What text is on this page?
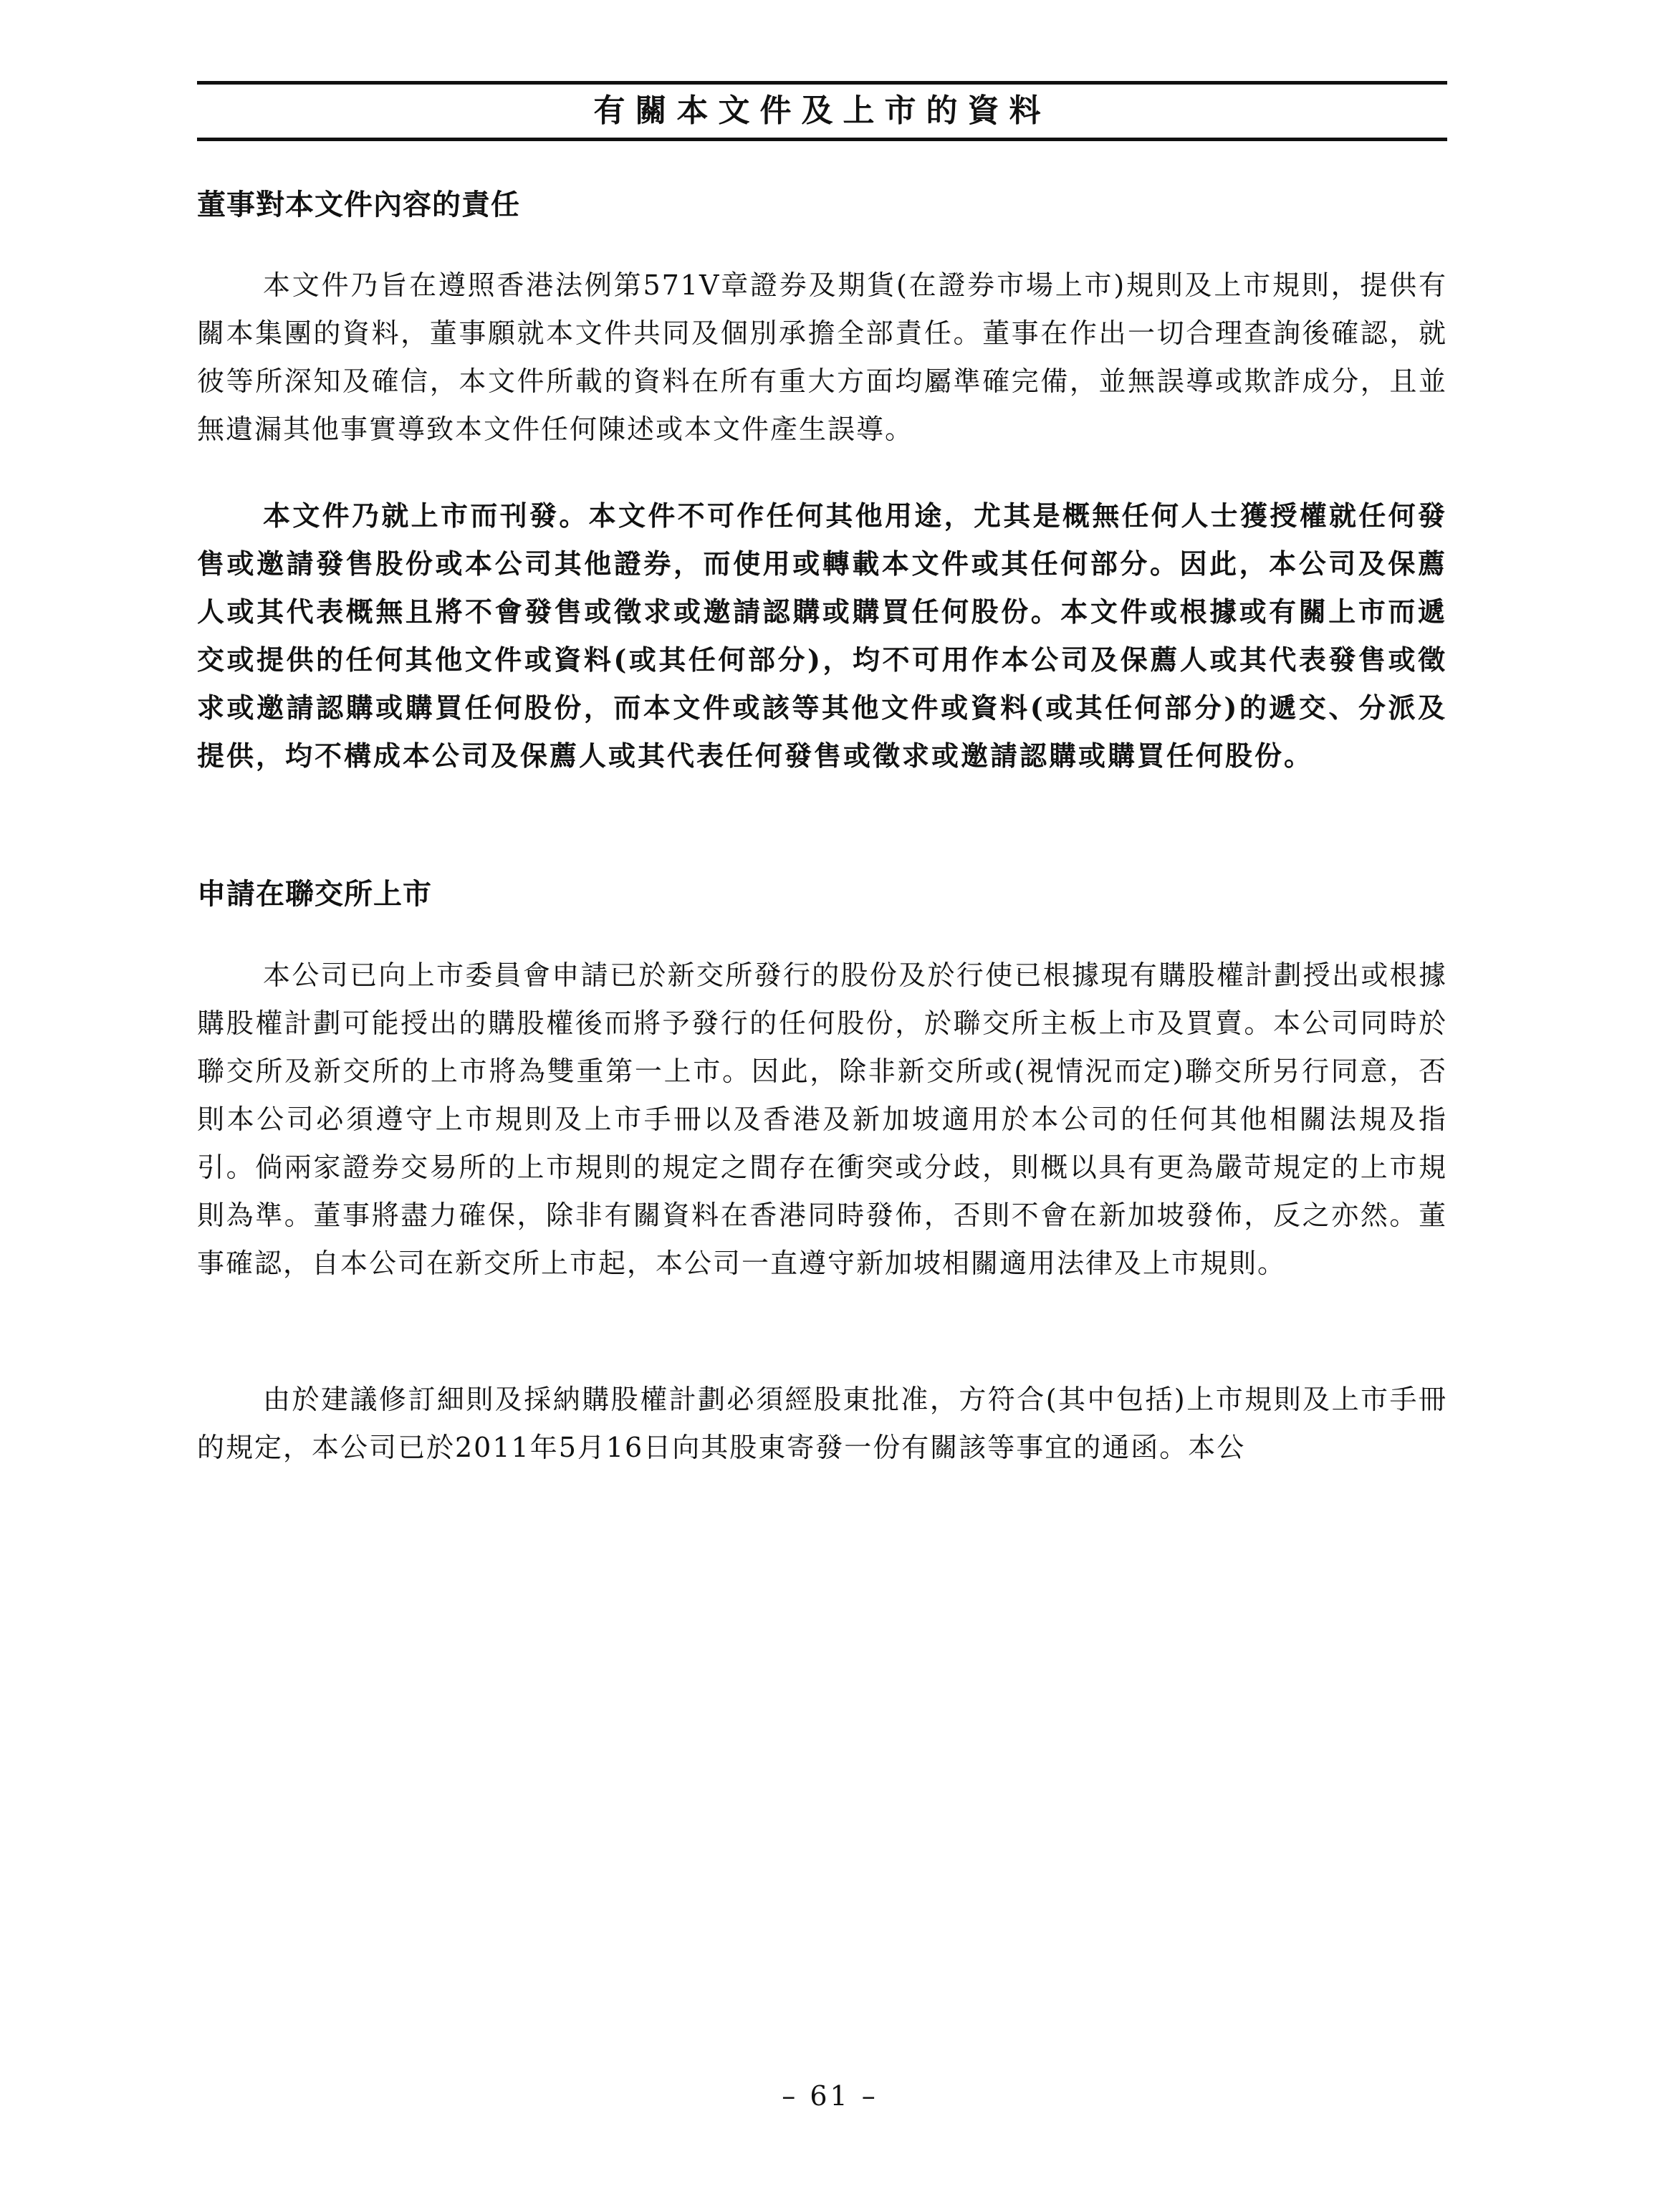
有關本文件及上市的資料
董事對本文件內容的責任
本文件乃旨在遵照香港法例第571V章證券及期貨(在證券市場上市)規則及上市規則，提供有關本集團的資料，董事願就本文件共同及個別承擔全部責任。董事在作出一切合理查詢後確認，就彼等所深知及確信，本文件所載的資料在所有重大方面均屬準確完備，並無誤導或欺詐成分，且並無遺漏其他事實導致本文件任何陳述或本文件產生誤導。
本文件乃就上市而刊發。本文件不可作任何其他用途，尤其是概無任何人士獲授權就任何發售或邀請發售股份或本公司其他證券，而使用或轉載本文件或其任何部分。因此，本公司及保薦人或其代表概無且將不會發售或徵求或邀請認購或購買任何股份。本文件或根據或有關上市而遞交或提供的任何其他文件或資料(或其任何部分)，均不可用作本公司及保薦人或其代表發售或徵求或邀請認購或購買任何股份，而本文件或該等其他文件或資料(或其任何部分)的遞交、分派及提供，均不構成本公司及保薦人或其代表任何發售或徵求或邀請認購或購買任何股份。
申請在聯交所上市
本公司已向上市委員會申請已於新交所發行的股份及於行使已根據現有購股權計劃授出或根據購股權計劃可能授出的購股權後而將予發行的任何股份，於聯交所主板上市及買賣。本公司同時於聯交所及新交所的上市將為雙重第一上市。因此，除非新交所或(視情況而定)聯交所另行同意，否則本公司必須遵守上市規則及上市手冊以及香港及新加坡適用於本公司的任何其他相關法規及指引。倘兩家證券交易所的上市規則的規定之間存在衝突或分歧，則概以具有更為嚴苛規定的上市規則為準。董事將盡力確保，除非有關資料在香港同時發佈，否則不會在新加坡發佈，反之亦然。董事確認，自本公司在新交所上市起，本公司一直遵守新加坡相關適用法律及上市規則。
由於建議修訂細則及採納購股權計劃必須經股東批准，方符合(其中包括)上市規則及上市手冊的規定，本公司已於2011年5月16日向其股東寄發一份有關該等事宜的通函。本公
– 61 –
